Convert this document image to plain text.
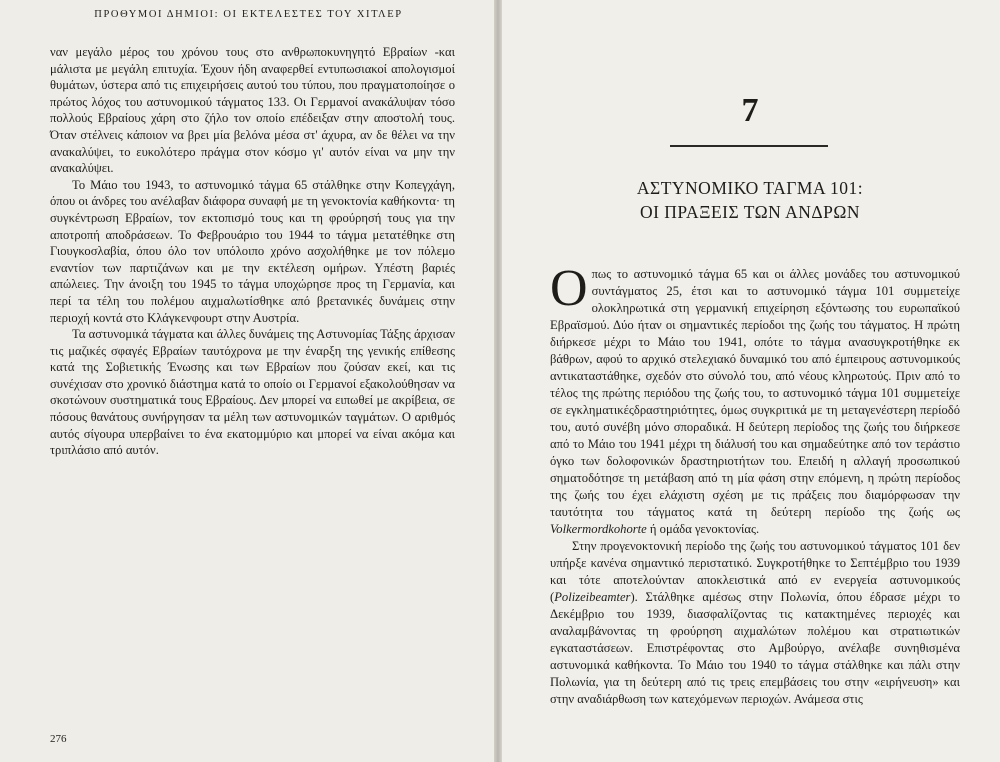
ΠΡΟΘΥΜΟΙ ΔΗΜΙΟΙ: ΟΙ ΕΚΤΕΛΕΣΤΕΣ ΤΟΥ ΧΙΤΛΕΡ

ναν μεγάλο μέρος του χρόνου τους στο ανθρωποκυνηγητό Εβραίων -και μάλιστα με μεγάλη επιτυχία. Έχουν ήδη αναφερθεί εντυπωσιακοί απολογισμοί θυμάτων, ύστερα από τις επιχειρήσεις αυτού του τύπου, που πραγματοποίησε ο πρώτος λόχος του αστυνομικού τάγματος 133. Οι Γερμανοί ανακάλυψαν τόσο πολλούς Εβραίους χάρη στο ζήλο τον οποίο επέδειξαν στην αποστολή τους. Όταν στέλνεις κάποιον να βρει μία βελόνα μέσα στ' άχυρα, αν δε θέλει να την ανακαλύψει, το ευκολότερο πράγμα στον κόσμο γι' αυτόν είναι να μην την ανακαλύψει.

Το Μάιο του 1943, το αστυνομικό τάγμα 65 στάλθηκε στην Κοπεγχάγη, όπου οι άνδρες του ανέλαβαν διάφορα συναφή με τη γενοκτονία καθήκοντα· τη συγκέντρωση Εβραίων, τον εκτοπισμό τους και τη φρούρησή τους για την αποτροπή αποδράσεων. Το Φεβρουάριο του 1944 το τάγμα μετατέθηκε στη Γιουγκοσλαβία, όπου όλο τον υπόλοιπο χρόνο ασχολήθηκε με τον πόλεμο εναντίον των παρτιζάνων και με την εκτέλεση ομήρων. Υπέστη βαριές απώλειες. Την άνοιξη του 1945 το τάγμα υποχώρησε προς τη Γερμανία, και περί τα τέλη του πολέμου αιχμαλωτίσθηκε από βρετανικές δυνάμεις στην περιοχή κοντά στο Κλάγκενφουρτ στην Αυστρία.

Τα αστυνομικά τάγματα και άλλες δυνάμεις της Αστυνομίας Τάξης άρχισαν τις μαζικές σφαγές Εβραίων ταυτόχρονα με την έναρξη της γενικής επίθεσης κατά της Σοβιετικής Ένωσης και των Εβραίων που ζούσαν εκεί, και τις συνέχισαν στο χρονικό διάστημα κατά το οποίο οι Γερμανοί εξακολούθησαν να σκοτώνουν συστηματικά τους Εβραίους. Δεν μπορεί να ειπωθεί με ακρίβεια, σε πόσους θανάτους συνήργησαν τα μέλη των αστυνομικών ταγμάτων. Ο αριθμός αυτός σίγουρα υπερβαίνει το ένα εκατομμύριο και μπορεί να είναι ακόμα και τριπλάσιο από αυτόν.

276
7
ΑΣΤΥΝΟΜΙΚΟ ΤΑΓΜΑ 101:
ΟΙ ΠΡΑΞΕΙΣ ΤΩΝ ΑΝΔΡΩΝ

Οπως το αστυνομικό τάγμα 65 και οι άλλες μονάδες του αστυνομικού συντάγματος 25, έτσι και το αστυνομικό τάγμα 101 συμμετείχε ολοκληρωτικά στη γερμανική επιχείρηση εξόντωσης του ευρωπαϊκού Εβραϊσμού. Δύο ήταν οι σημαντικές περίοδοι της ζωής του τάγματος. Η πρώτη διήρκεσε μέχρι το Μάιο του 1941, οπότε το τάγμα ανασυγκροτήθηκε εκ βάθρων, αφού το αρχικό στελεχιακό δυναμικό του από έμπειρους αστυνομικούς αντικαταστάθηκε, σχεδόν στο σύνολό του, από νέους κληρωτούς. Πριν από το τέλος της πρώτης περιόδου της ζωής του, το αστυνομικό τάγμα 101 συμμετείχε σε εγκληματικέςδραστηριότητες, όμως συγκριτικά με τη μεταγενέστερη περίοδό του, αυτό συνέβη μόνο σποραδικά. Η δεύτερη περίοδος της ζωής του διήρκεσε από το Μάιο του 1941 μέχρι τη διάλυσή του και σημαδεύτηκε από τον τεράστιο όγκο των δολοφονικών δραστηριοτήτων του. Επειδή η αλλαγή προσωπικού σηματοδότησε τη μετάβαση από τη μία φάση στην επόμενη, η πρώτη περίοδος της ζωής του έχει ελάχιστη σχέση με τις πράξεις που διαμόρφωσαν την ταυτότητα του τάγματος κατά τη δεύτερη περίοδο της ζωής ως Volkermordkohorte ή ομάδα γενοκτονίας.

Στην προγενοκτονική περίοδο της ζωής του αστυνομικού τάγματος 101 δεν υπήρξε κανένα σημαντικό περιστατικό. Συγκροτήθηκε το Σεπτέμβριο του 1939 και τότε αποτελούνταν αποκλειστικά από εν ενεργεία αστυνομικούς (Polizeibeamter). Στάλθηκε αμέσως στην Πολωνία, όπου έδρασε μέχρι το Δεκέμβριο του 1939, διασφαλίζοντας τις κατακτημένες περιοχές και αναλαμβάνοντας τη φρούρηση αιχμαλώτων πολέμου και στρατιωτικών εγκαταστάσεων. Επιστρέφοντας στο Αμβούργο, ανέλαβε συνηθισμένα αστυνομικά καθήκοντα. Το Μάιο του 1940 το τάγμα στάλθηκε και πάλι στην Πολωνία, για τη δεύτερη από τις τρεις επεμβάσεις του στην «ειρήνευση» και στην αναδιάρθωση των κατεχόμενων περιοχών. Ανάμεσα στις
